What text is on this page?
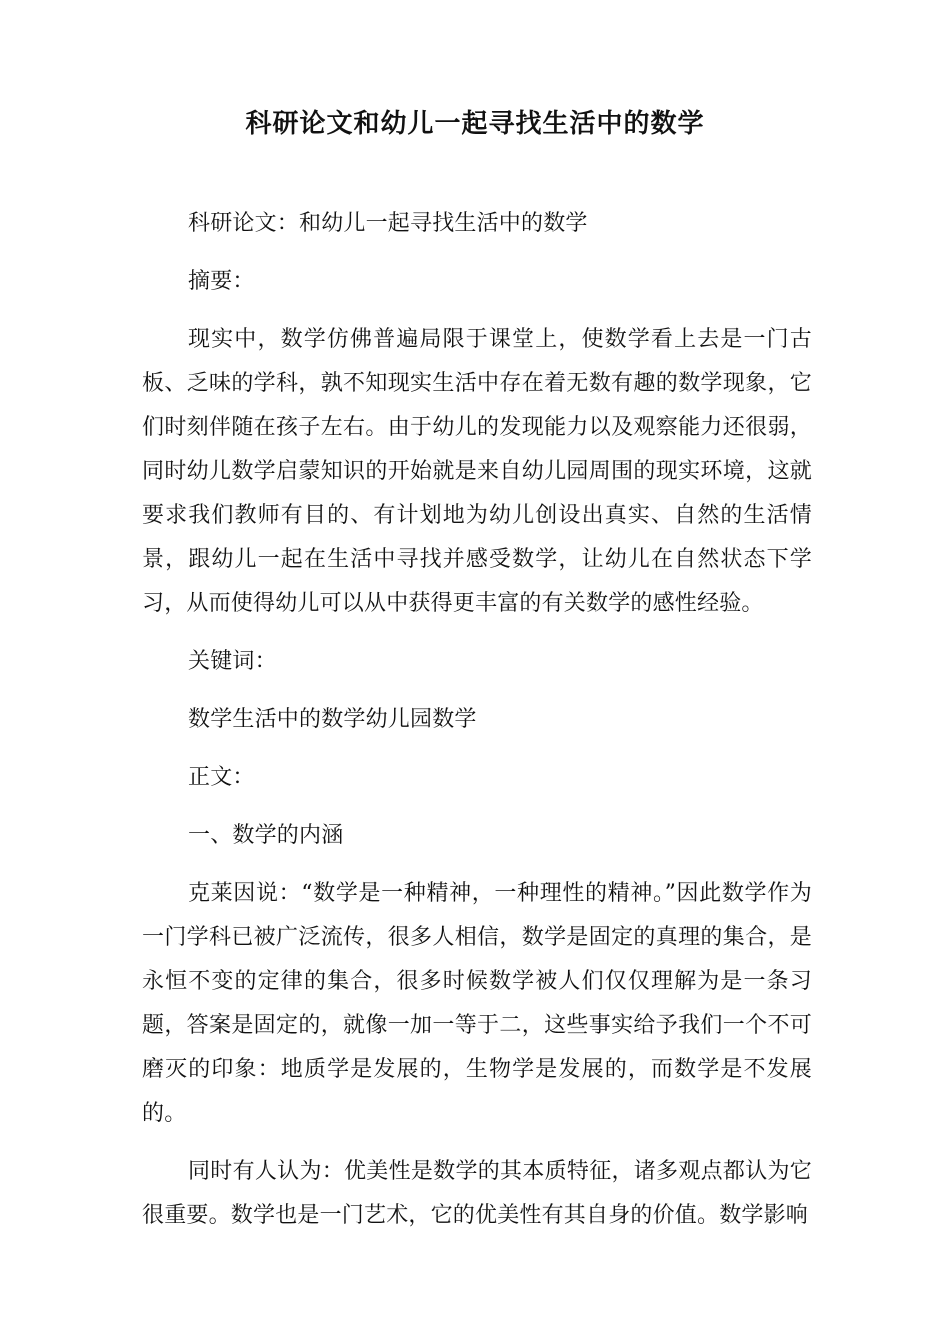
科研论文和幼儿一起寻找生活中的数学

科研论文：和幼儿一起寻找生活中的数学

摘要：

现实中，数学仿佛普遍局限于课堂上，使数学看上去是一门古板、乏味的学科，孰不知现实生活中存在着无数有趣的数学现象，它们时刻伴随在孩子左右。由于幼儿的发现能力以及观察能力还很弱，同时幼儿数学启蒙知识的开始就是来自幼儿园周围的现实环境，这就要求我们教师有目的、有计划地为幼儿创设出真实、自然的生活情景，跟幼儿一起在生活中寻找并感受数学，让幼儿在自然状态下学习，从而使得幼儿可以从中获得更丰富的有关数学的感性经验。

关键词：

数学生活中的数学幼儿园数学

正文：

一、数学的内涵

克莱因说：“数学是一种精神，一种理性的精神。”因此数学作为一门学科已被广泛流传，很多人相信，数学是固定的真理的集合，是永恒不变的定律的集合，很多时候数学被人们仅仅理解为是一条习题，答案是固定的，就像一加一等于二，这些事实给予我们一个不可磨灭的印象：地质学是发展的，生物学是发展的，而数学是不发展的。

同时有人认为：优美性是数学的其本质特征，诸多观点都认为它很重要。数学也是一门艺术，它的优美性有其自身的价值。数学影响
